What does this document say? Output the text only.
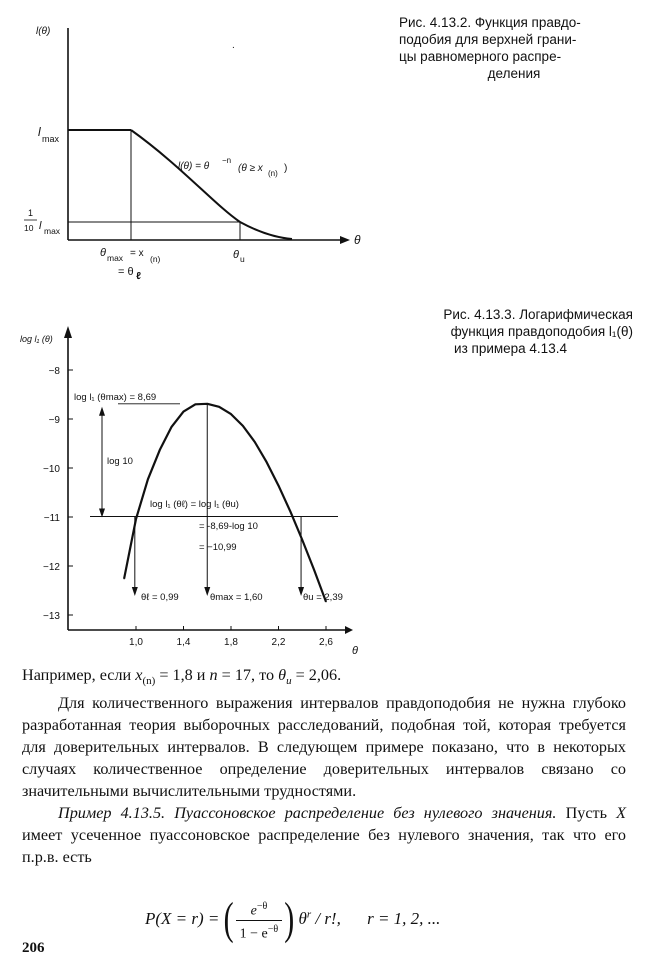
.
l(θ)
θ
l max
1
10 l max
l(θ) = θ
−n
(θ ≥ x (n) )
θ max = x (n)
= θ ℓ
θ u
Рис. 4.13.2. Функция правдо-
подобия для верхней грани-
цы равномерного распре-
деления
−8
−9
−10
−11
−12
−13
1,0	1,4	1,8	2,2	2,6
log l₁ (θ)
θ
log l₁ (θmax) = 8,69
log 10
log l₁ (θℓ) = log l₁ (θu)
= -8,69-log 10
= −10,99
θℓ = 0,99	θmax = 1,60	θu = 2,39
Рис. 4.13.3. Логарифмическая
функция правдоподобия l₁(θ)
из примера 4.13.4
Например, если $x_{(n)} = 1,8$ и n = 17, то $\theta_u = 2,06$.
Для количественного выражения интервалов правдоподобия не нужна глубоко разработанная теория выборочных расследований, подобная той, которая требуется для доверительных интервалов. В следующем примере показано, что в некоторых случаях количественное определение доверительных интервалов связано со значительными вычислительными трудностями.
Пример 4.13.5. Пуассоновское распределение без нулевого значения. Пусть X имеет усеченное пуассоновское распределение без нулевого значения, так что его п.р.в. есть
P(X = r) = ( $\frac{e^{-\theta}}{1 - e^{-\theta}}$ ) $\theta^r$ / r!, r = 1, 2, ...
206
